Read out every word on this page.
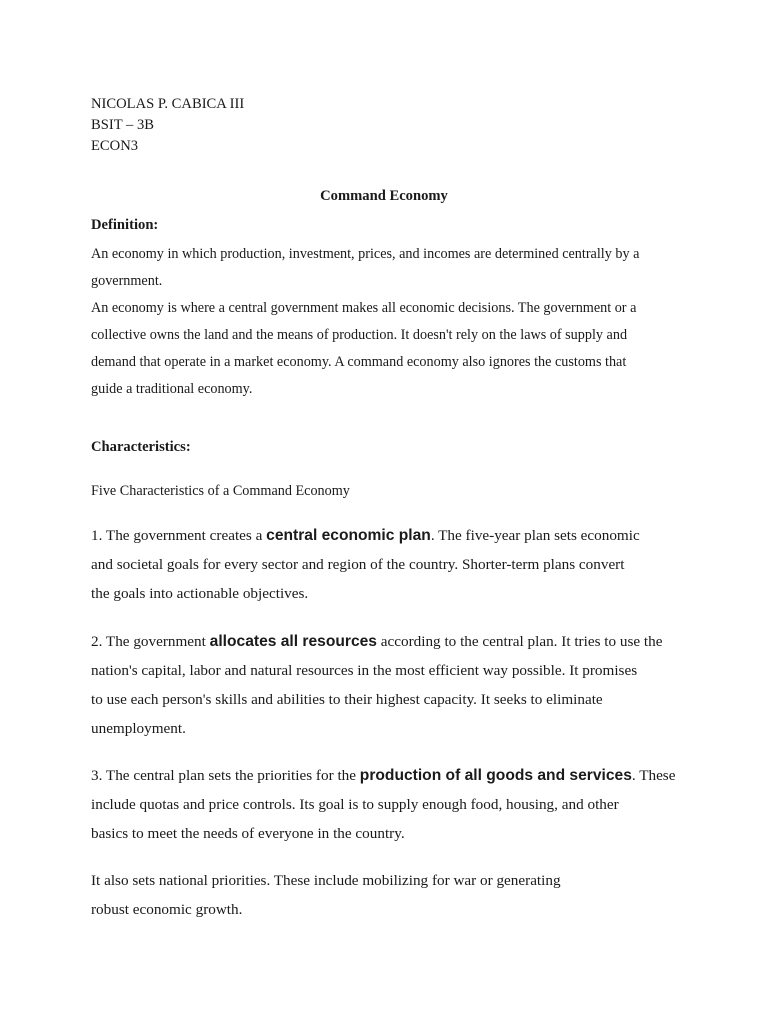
NICOLAS P. CABICA III
BSIT – 3B
ECON3
Command Economy
Definition:
An economy in which production, investment, prices, and incomes are determined centrally by a
government.
An economy is where a central government makes all economic decisions. The government or a
collective owns the land and the means of production. It doesn't rely on the laws of supply and
demand that operate in a market economy. A command economy also ignores the customs that
guide a traditional economy.
Characteristics:
Five Characteristics of a Command Economy
1. The government creates a central economic plan. The five-year plan sets economic
and societal goals for every sector and region of the country. Shorter-term plans convert
the goals into actionable objectives.
2. The government allocates all resources according to the central plan. It tries to use the
nation's capital, labor and natural resources in the most efficient way possible. It promises
to use each person's skills and abilities to their highest capacity. It seeks to eliminate
unemployment.
3. The central plan sets the priorities for the production of all goods and services. These
include quotas and price controls. Its goal is to supply enough food, housing, and other
basics to meet the needs of everyone in the country.
It also sets national priorities. These include mobilizing for war or generating
robust economic growth.
